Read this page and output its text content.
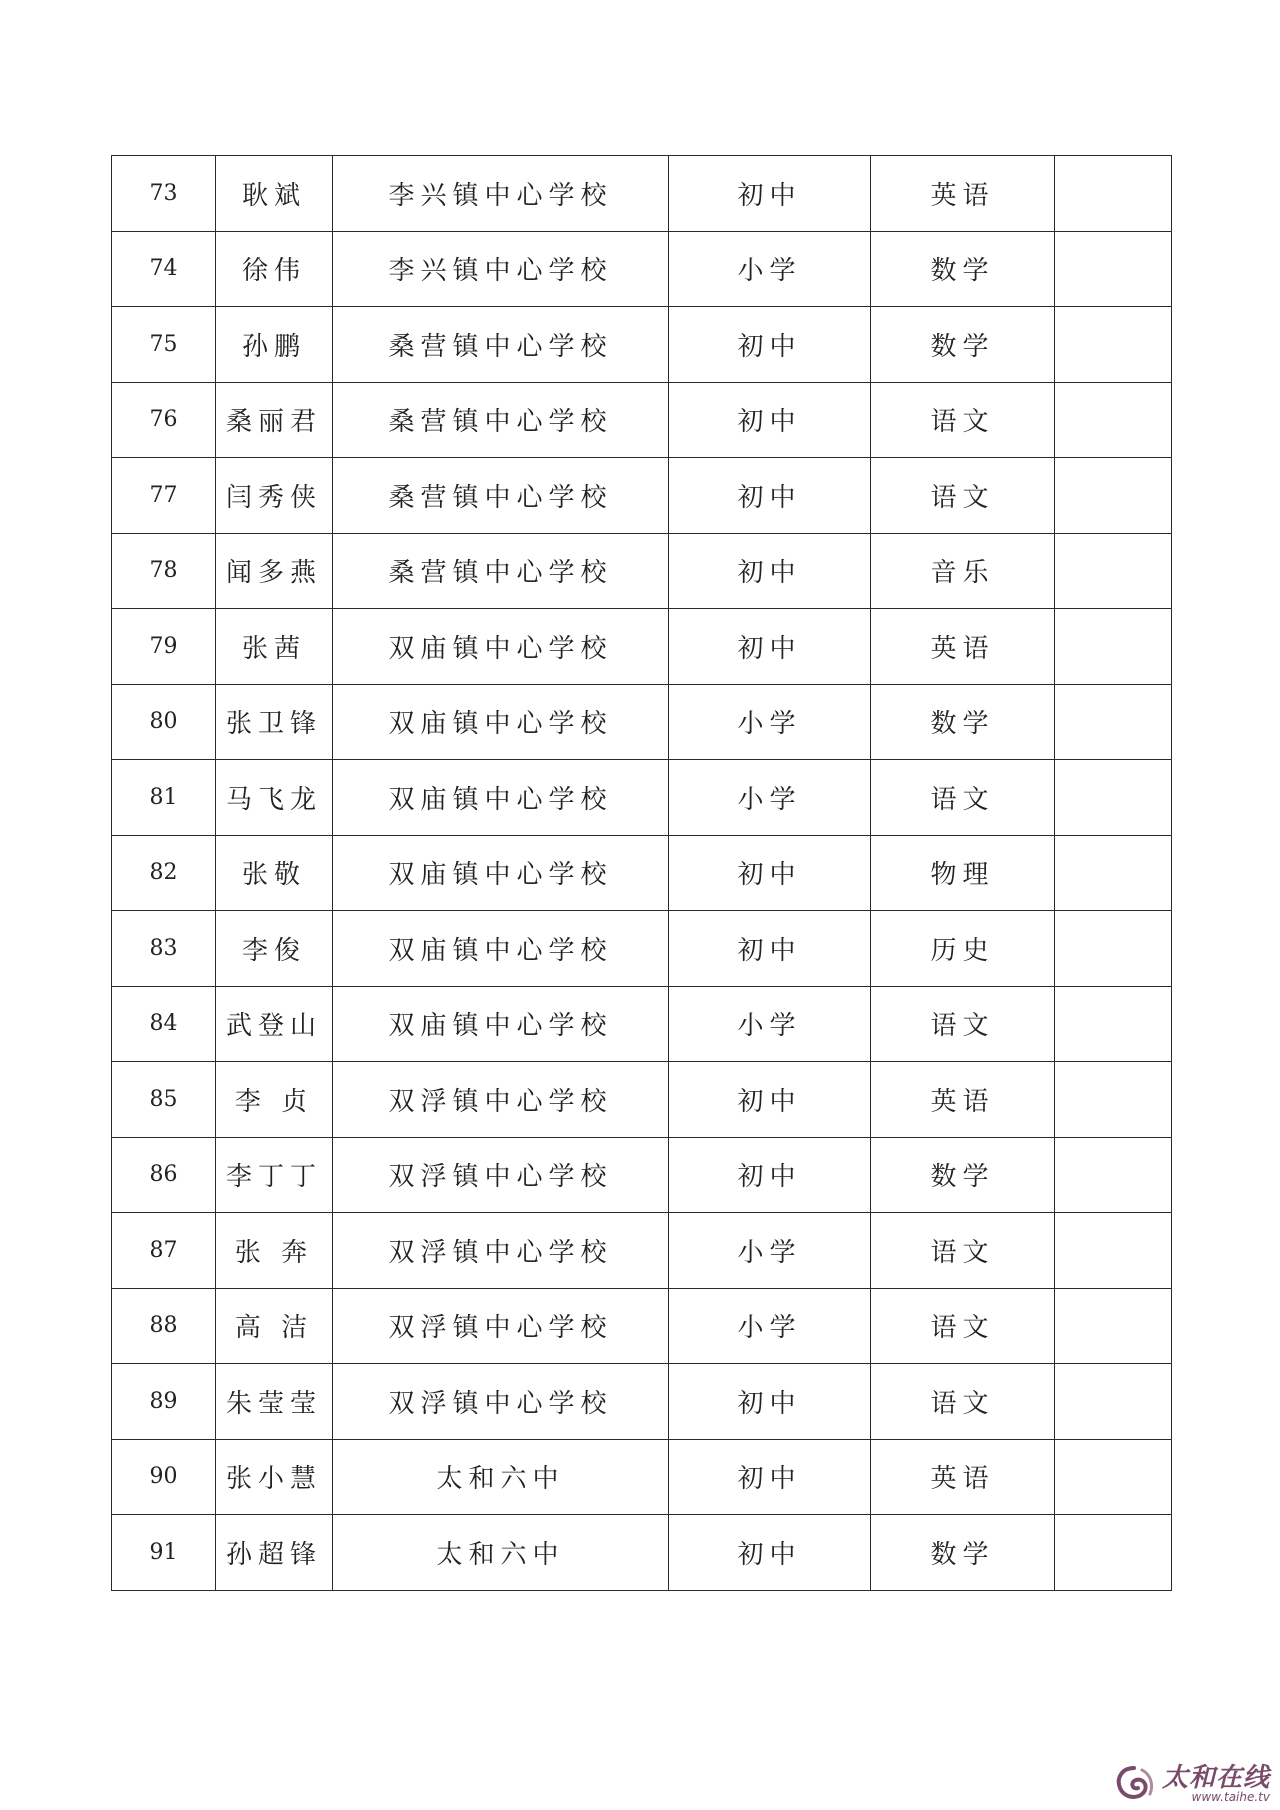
73	耿斌	李兴镇中心学校	初中	英语	
74	徐伟	李兴镇中心学校	小学	数学	
75	孙鹏	桑营镇中心学校	初中	数学	
76	桑丽君	桑营镇中心学校	初中	语文	
77	闫秀侠	桑营镇中心学校	初中	语文	
78	闻多燕	桑营镇中心学校	初中	音乐	
79	张茜	双庙镇中心学校	初中	英语	
80	张卫锋	双庙镇中心学校	小学	数学	
81	马飞龙	双庙镇中心学校	小学	语文	
82	张敬	双庙镇中心学校	初中	物理	
83	李俊	双庙镇中心学校	初中	历史	
84	武登山	双庙镇中心学校	小学	语文	
85	李 贞	双浮镇中心学校	初中	英语	
86	李丁丁	双浮镇中心学校	初中	数学	
87	张 奔	双浮镇中心学校	小学	语文	
88	高 洁	双浮镇中心学校	小学	语文	
89	朱莹莹	双浮镇中心学校	初中	语文	
90	张小慧	太和六中	初中	英语	
91	孙超锋	太和六中	初中	数学	
太和在线
www.taihe.tv
